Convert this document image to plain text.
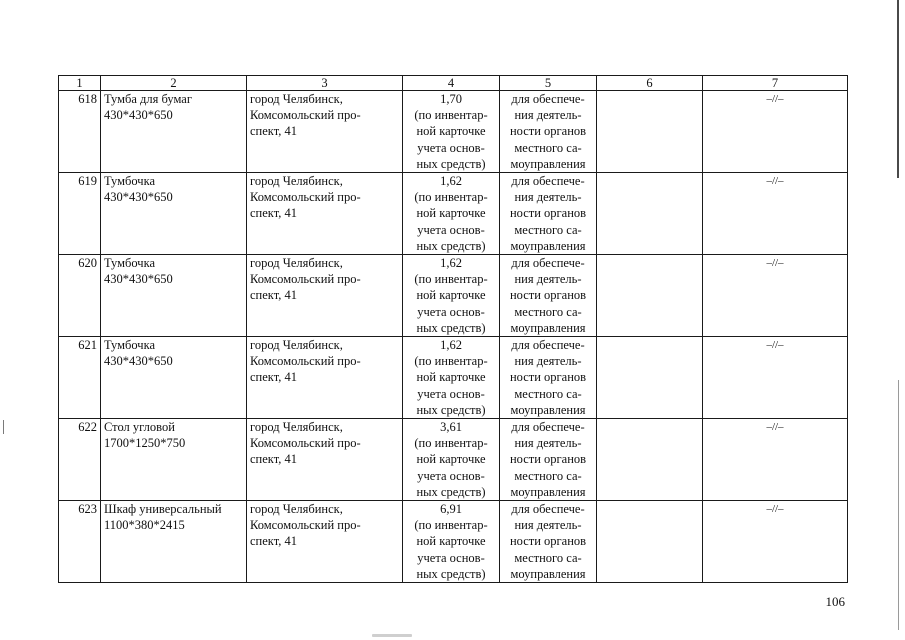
1	2	3	4	5	6	7
618	Тумба для бумаг
430*430*650	город Челябинск,
Комсомольский про-
спект, 41	1,70
(по инвентар-
ной карточке
учета основ-
ных средств)	для обеспече-
ния деятель-
ности органов
местного са-
моуправления		–//–
619	Тумбочка
430*430*650	город Челябинск,
Комсомольский про-
спект, 41	1,62
(по инвентар-
ной карточке
учета основ-
ных средств)	для обеспече-
ния деятель-
ности органов
местного са-
моуправления		–//–
620	Тумбочка
430*430*650	город Челябинск,
Комсомольский про-
спект, 41	1,62
(по инвентар-
ной карточке
учета основ-
ных средств)	для обеспече-
ния деятель-
ности органов
местного са-
моуправления		–//–
621	Тумбочка
430*430*650	город Челябинск,
Комсомольский про-
спект, 41	1,62
(по инвентар-
ной карточке
учета основ-
ных средств)	для обеспече-
ния деятель-
ности органов
местного са-
моуправления		–//–
622	Стол угловой
1700*1250*750	город Челябинск,
Комсомольский про-
спект, 41	3,61
(по инвентар-
ной карточке
учета основ-
ных средств)	для обеспече-
ния деятель-
ности органов
местного са-
моуправления		–//–
623	Шкаф универсальный
1100*380*2415	город Челябинск,
Комсомольский про-
спект, 41	6,91
(по инвентар-
ной карточке
учета основ-
ных средств)	для обеспече-
ния деятель-
ности органов
местного са-
моуправления		–//–
106
